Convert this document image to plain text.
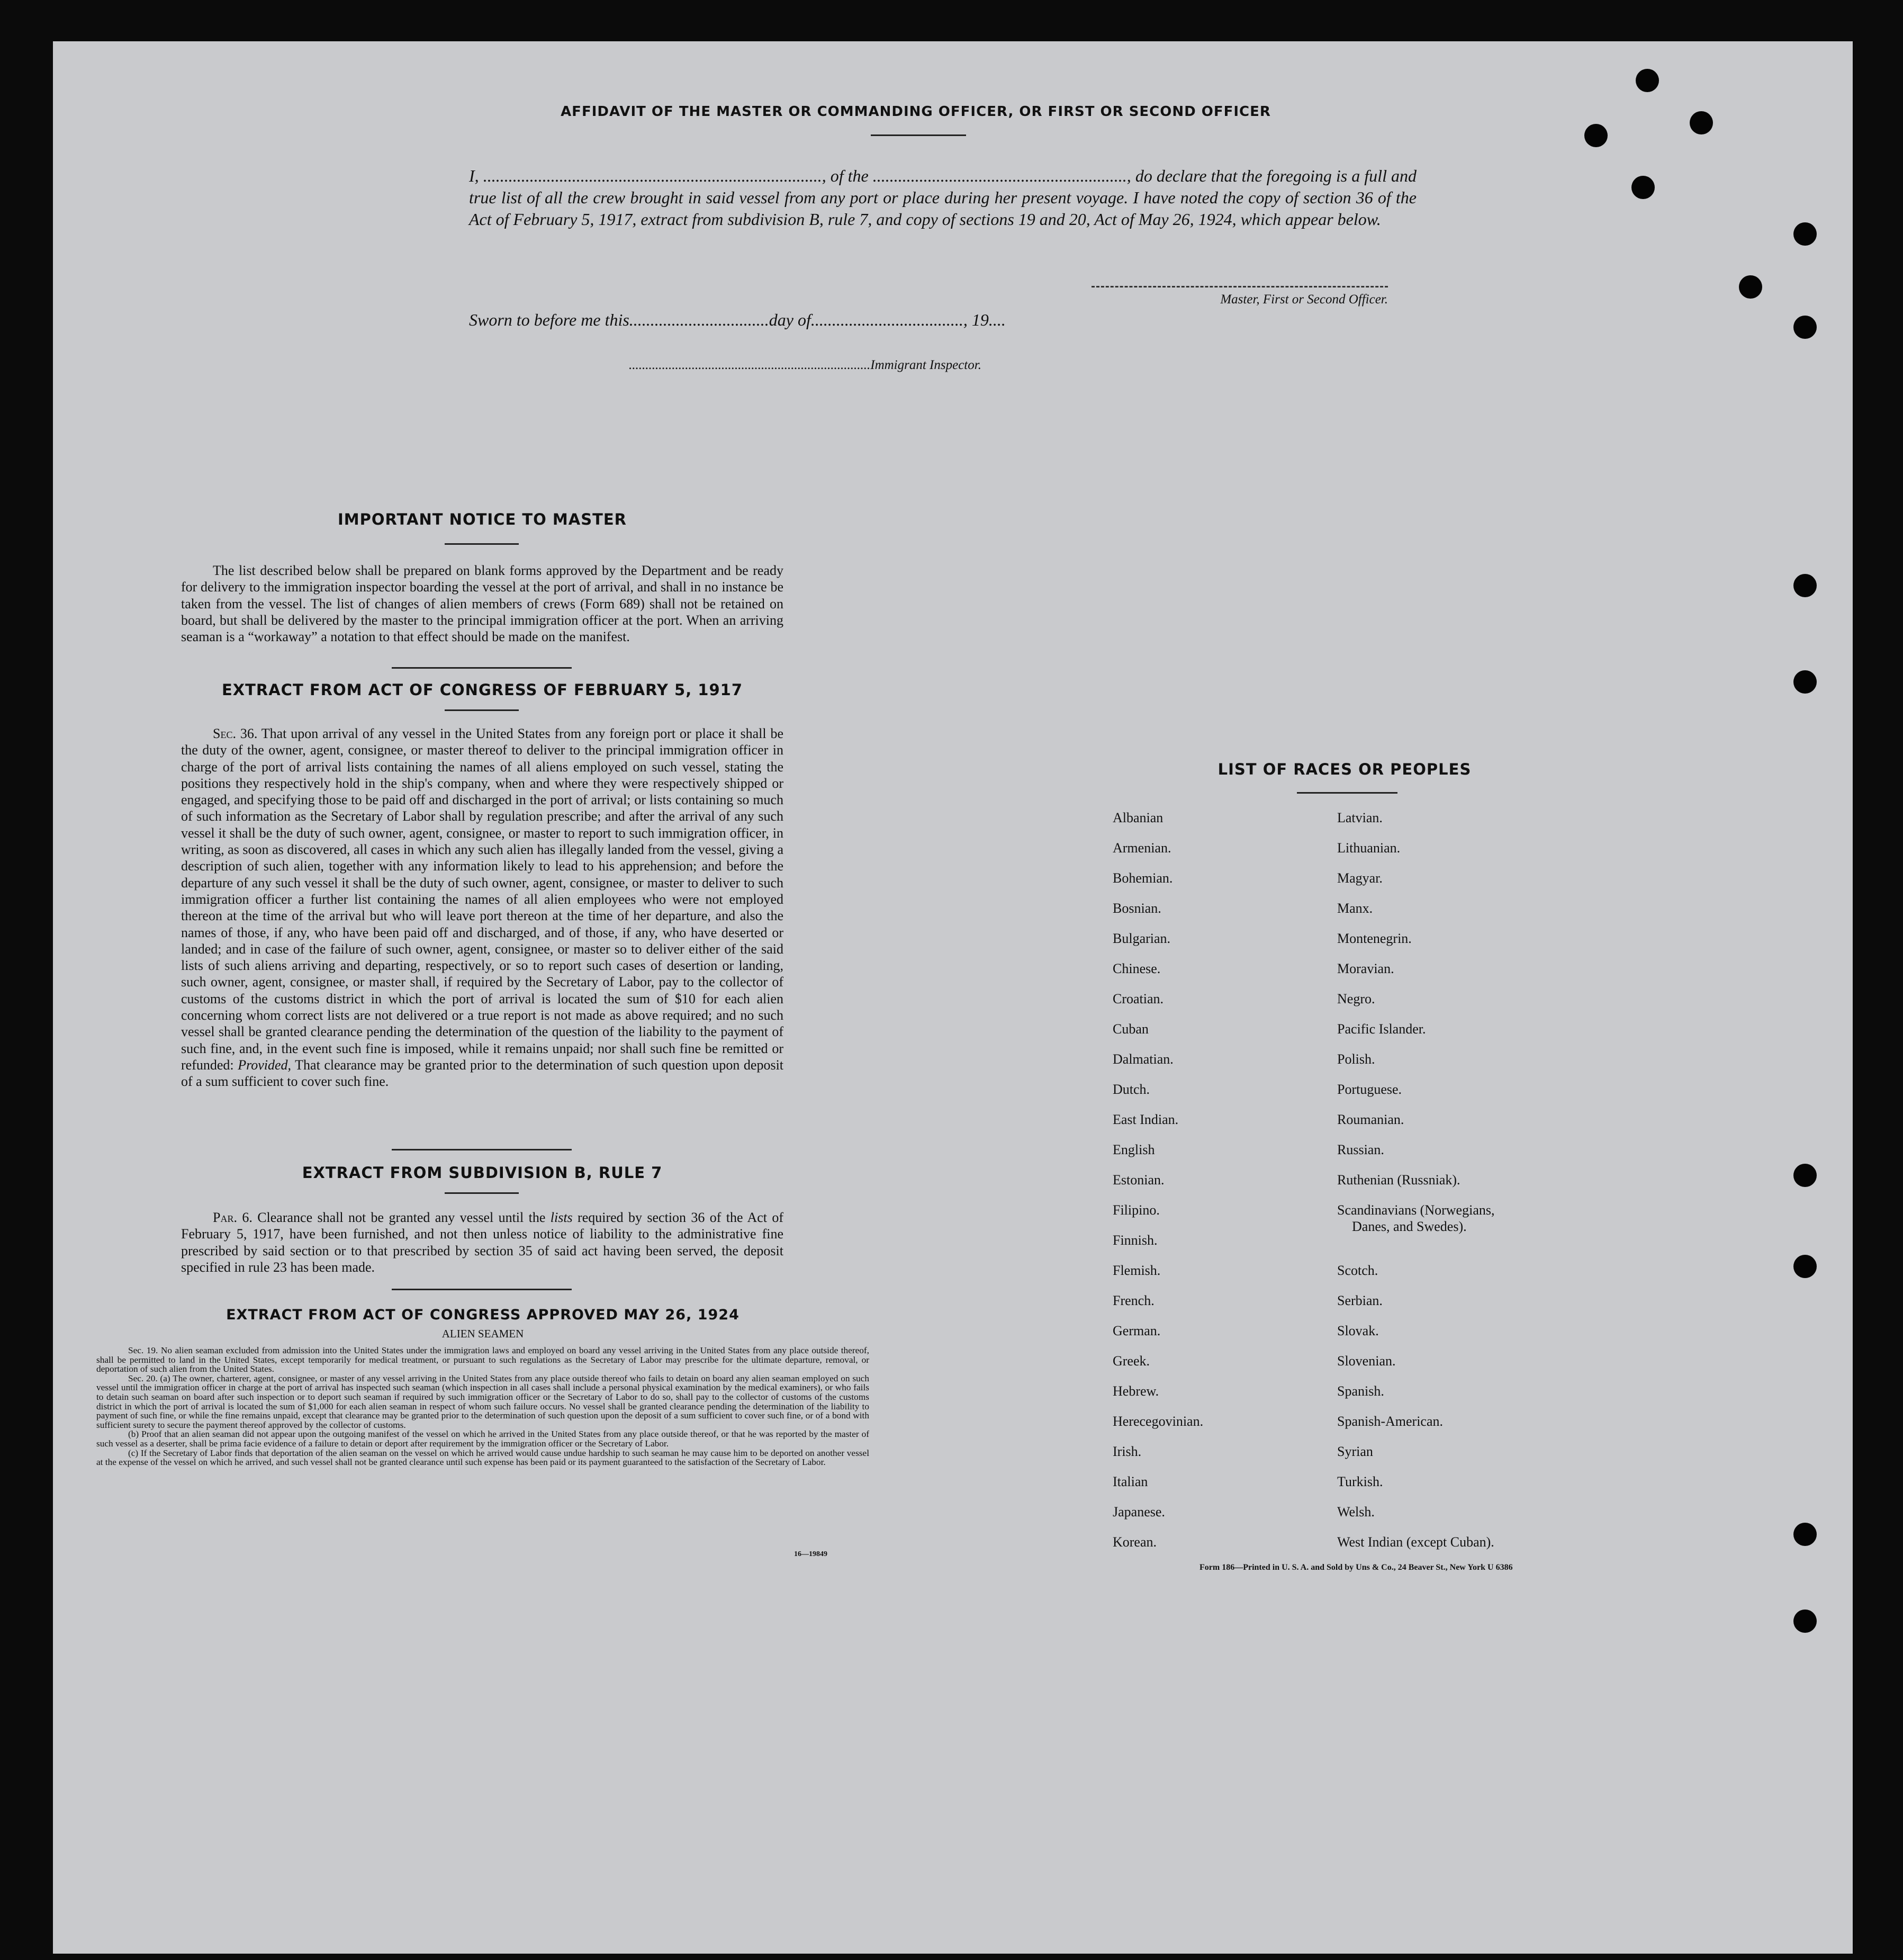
AFFIDAVIT OF THE MASTER OR COMMANDING OFFICER, OR FIRST OR SECOND OFFICER

I, ................................................................................, of the ............................................................, do declare that the foregoing is a full and true list of all the crew brought in said vessel from any port or place during her present voyage. I have noted the copy of section 36 of the Act of February 5, 1917, extract from subdivision B, rule 7, and copy of sections 19 and 20, Act of May 26, 1924, which appear below.

Master, First or Second Officer.
Sworn to before me this.................................day of...................................., 19....
.........................................................................Immigrant Inspector.

IMPORTANT NOTICE TO MASTER

The list described below shall be prepared on blank forms approved by the Department and be ready for delivery to the immigration inspector boarding the vessel at the port of arrival, and shall in no instance be taken from the vessel. The list of changes of alien members of crews (Form 689) shall not be retained on board, but shall be delivered by the master to the principal immigration officer at the port. When an arriving seaman is a “workaway” a notation to that effect should be made on the manifest.

EXTRACT FROM ACT OF CONGRESS OF FEBRUARY 5, 1917

Sec. 36. That upon arrival of any vessel in the United States from any foreign port or place it shall be the duty of the owner, agent, consignee, or master thereof to deliver to the principal immigration officer in charge of the port of arrival lists containing the names of all aliens employed on such vessel, stating the positions they respectively hold in the ship's company, when and where they were respectively shipped or engaged, and specifying those to be paid off and discharged in the port of arrival; or lists containing so much of such information as the Secretary of Labor shall by regulation prescribe; and after the arrival of any such vessel it shall be the duty of such owner, agent, consignee, or master to report to such immigration officer, in writing, as soon as discovered, all cases in which any such alien has illegally landed from the vessel, giving a description of such alien, together with any information likely to lead to his apprehension; and before the departure of any such vessel it shall be the duty of such owner, agent, consignee, or master to deliver to such immigration officer a further list containing the names of all alien employees who were not employed thereon at the time of the arrival but who will leave port thereon at the time of her departure, and also the names of those, if any, who have been paid off and discharged, and of those, if any, who have deserted or landed; and in case of the failure of such owner, agent, consignee, or master so to deliver either of the said lists of such aliens arriving and departing, respectively, or so to report such cases of desertion or landing, such owner, agent, consignee, or master shall, if required by the Secretary of Labor, pay to the collector of customs of the customs district in which the port of arrival is located the sum of $10 for each alien concerning whom correct lists are not delivered or a true report is not made as above required; and no such vessel shall be granted clearance pending the determination of the question of the liability to the payment of such fine, and, in the event such fine is imposed, while it remains unpaid; nor shall such fine be remitted or refunded: Provided, That clearance may be granted prior to the determination of such question upon deposit of a sum sufficient to cover such fine.

EXTRACT FROM SUBDIVISION B, RULE 7

Par. 6. Clearance shall not be granted any vessel until the lists required by section 36 of the Act of February 5, 1917, have been furnished, and not then unless notice of liability to the administrative fine prescribed by said section or to that prescribed by section 35 of said act having been served, the deposit specified in rule 23 has been made.

EXTRACT FROM ACT OF CONGRESS APPROVED MAY 26, 1924

ALIEN SEAMEN

Sec. 19. No alien seaman excluded from admission into the United States under the immigration laws and employed on board any vessel arriving in the United States from any place outside thereof, shall be permitted to land in the United States, except temporarily for medical treatment, or pursuant to such regulations as the Secretary of Labor may prescribe for the ultimate departure, removal, or deportation of such alien from the United States.

Sec. 20. (a) The owner, charterer, agent, consignee, or master of any vessel arriving in the United States from any place outside thereof who fails to detain on board any alien seaman employed on such vessel until the immigration officer in charge at the port of arrival has inspected such seaman (which inspection in all cases shall include a personal physical examination by the medical examiners), or who fails to detain such seaman on board after such inspection or to deport such seaman if required by such immigration officer or the Secretary of Labor to do so, shall pay to the collector of customs of the customs district in which the port of arrival is located the sum of $1,000 for each alien seaman in respect of whom such failure occurs. No vessel shall be granted clearance pending the determination of the liability to payment of such fine, or while the fine remains unpaid, except that clearance may be granted prior to the determination of such question upon the deposit of a sum sufficient to cover such fine, or of a bond with sufficient surety to secure the payment thereof approved by the collector of customs.

(b) Proof that an alien seaman did not appear upon the outgoing manifest of the vessel on which he arrived in the United States from any place outside thereof, or that he was reported by the master of such vessel as a deserter, shall be prima facie evidence of a failure to detain or deport after requirement by the immigration officer or the Secretary of Labor.

(c) If the Secretary of Labor finds that deportation of the alien seaman on the vessel on which he arrived would cause undue hardship to such seaman he may cause him to be deported on another vessel at the expense of the vessel on which he arrived, and such vessel shall not be granted clearance until such expense has been paid or its payment guaranteed to the satisfaction of the Secretary of Labor.

16—19849
LIST OF RACES OR PEOPLES
Albanian
Armenian.
Bohemian.
Bosnian.
Bulgarian.
Chinese.
Croatian.
Cuban
Dalmatian.
Dutch.
East Indian.
English
Estonian.
Filipino.
Finnish.
Flemish.
French.
German.
Greek.
Hebrew.
Herecegovinian.
Irish.
Italian
Japanese.
Korean.
Latvian.
Lithuanian.
Magyar.
Manx.
Montenegrin.
Moravian.
Negro.
Pacific Islander.
Polish.
Portuguese.
Roumanian.
Russian.
Ruthenian (Russniak).
Scandinavians (Norwegians,
Danes, and Swedes).
Scotch.
Serbian.
Slovak.
Slovenian.
Spanish.
Spanish-American.
Syrian
Turkish.
Welsh.
West Indian (except Cuban).
Form 186—Printed in U. S. A. and Sold by Uns & Co., 24 Beaver St., New York U 6386
